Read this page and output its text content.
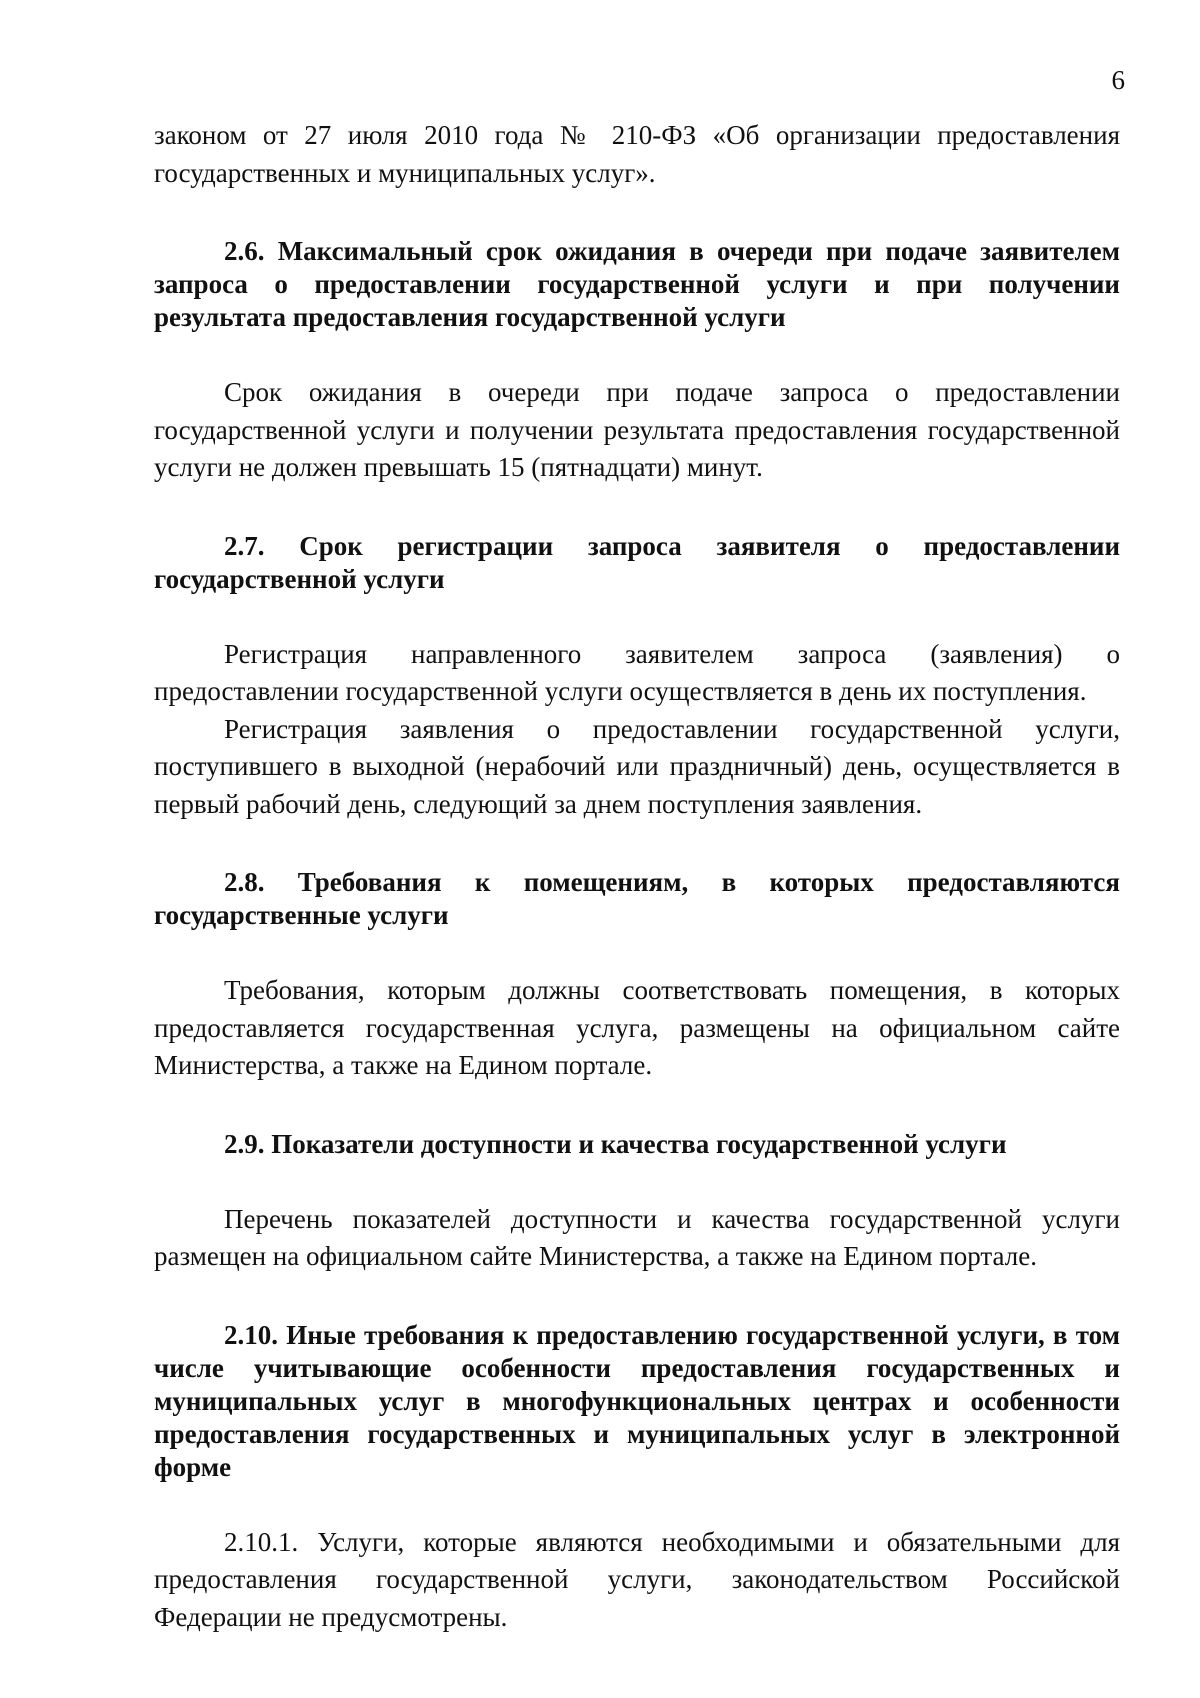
6

законом от 27 июля 2010 года № 210-ФЗ «Об организации предоставления государственных и муниципальных услуг».

2.6. Максимальный срок ожидания в очереди при подаче заявителем запроса о предоставлении государственной услуги и при получении результата предоставления государственной услуги

Срок ожидания в очереди при подаче запроса о предоставлении государственной услуги и получении результата предоставления государственной услуги не должен превышать 15 (пятнадцати) минут.

2.7. Срок регистрации запроса заявителя о предоставлении государственной услуги

Регистрация направленного заявителем запроса (заявления) о предоставлении государственной услуги осуществляется в день их поступления.

Регистрация заявления о предоставлении государственной услуги, поступившего в выходной (нерабочий или праздничный) день, осуществляется в первый рабочий день, следующий за днем поступления заявления.

2.8. Требования к помещениям, в которых предоставляются государственные услуги

Требования, которым должны соответствовать помещения, в которых предоставляется государственная услуга, размещены на официальном сайте Министерства, а также на Едином портале.

2.9. Показатели доступности и качества государственной услуги

Перечень показателей доступности и качества государственной услуги размещен на официальном сайте Министерства, а также на Едином портале.

2.10. Иные требования к предоставлению государственной услуги, в том числе учитывающие особенности предоставления государственных и муниципальных услуг в многофункциональных центрах и особенности предоставления государственных и муниципальных услуг в электронной форме

2.10.1. Услуги, которые являются необходимыми и обязательными для предоставления государственной услуги, законодательством Российской Федерации не предусмотрены.
